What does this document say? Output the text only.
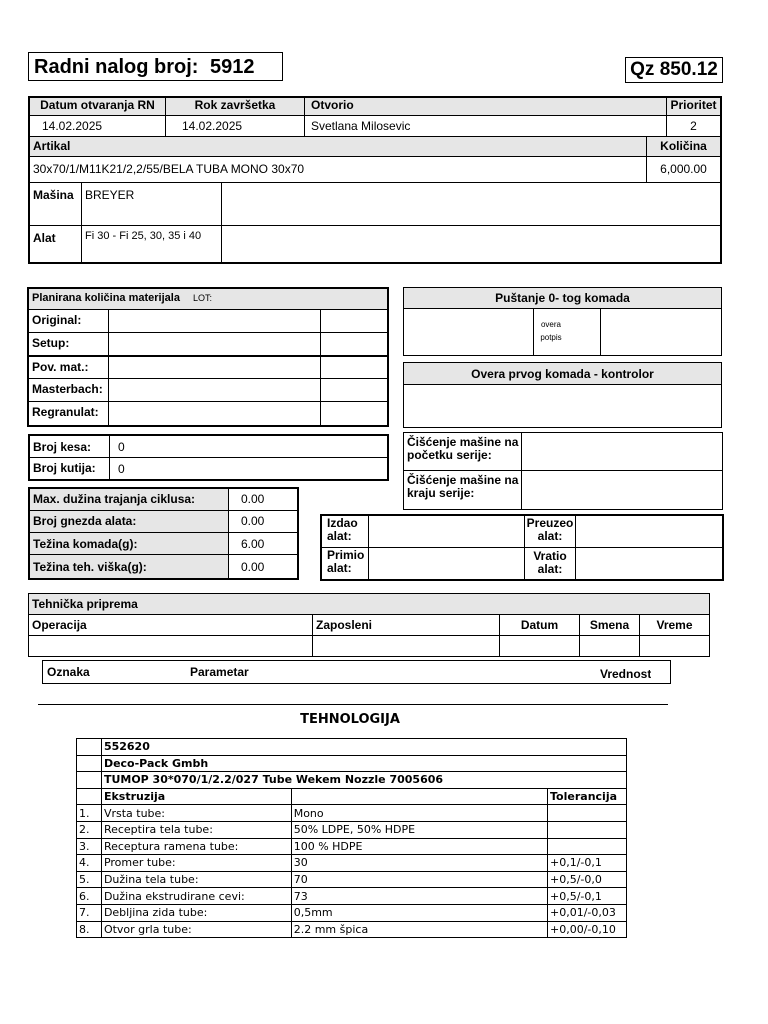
Radni nalog broj: 5912	Qz 850.12
Datum otvaranja RN	Rok završetka	Otvorio	Prioritet
14.02.2025	14.02.2025	Svetlana Milosevic	2
Artikal	Količina
30x70/1/M11K21/2,2/55/BELA TUBA MONO 30x70	6,000.00
Mašina BREYER
Alat	Fi 30 - Fi 25, 30, 35 i 40
Planirana količina materijala LOT:
Original:
Setup:
Pov. mat.:
Masterbach:
Regranulat:
Puštanje 0- tog komada
overa potpis
Overa prvog komada - kontrolor
Broj kesa:	0
Broj kutija:	0
Čišćenje mašine na početku serije:
Čišćenje mašine na kraju serije:
Max. dužina trajanja ciklusa:	0.00
Broj gnezda alata:	0.00
Težina komada(g):	6.00
Težina teh. viška(g):	0.00
Izdao alat:
Preuzeo alat:
Primio alat:
Vratio alat:
Tehnička priprema
Operacija	Zaposleni	Datum	Smena	Vreme
Oznaka	Parametar	Vrednost
TEHNOLOGIJA
	552620		
	Deco-Pack Gmbh		
	TUMOP 30*070/1/2.2/027 Tube Wekem Nozzle 7005606		
	Ekstruzija		Tolerancija
1.	Vrsta tube:	Mono	
2.	Receptira tela tube:	50% LDPE, 50% HDPE	
3.	Receptura ramena tube:	100 % HDPE	
4.	Promer tube:	30	+0,1/-0,1
5.	Dužina tela tube:	70	+0,5/-0,0
6.	Dužina ekstrudirane cevi:	73	+0,5/-0,1
7.	Debljina zida tube:	0,5mm	+0,01/-0,03
8.	Otvor grla tube:	2.2 mm špica	+0,00/-0,10
